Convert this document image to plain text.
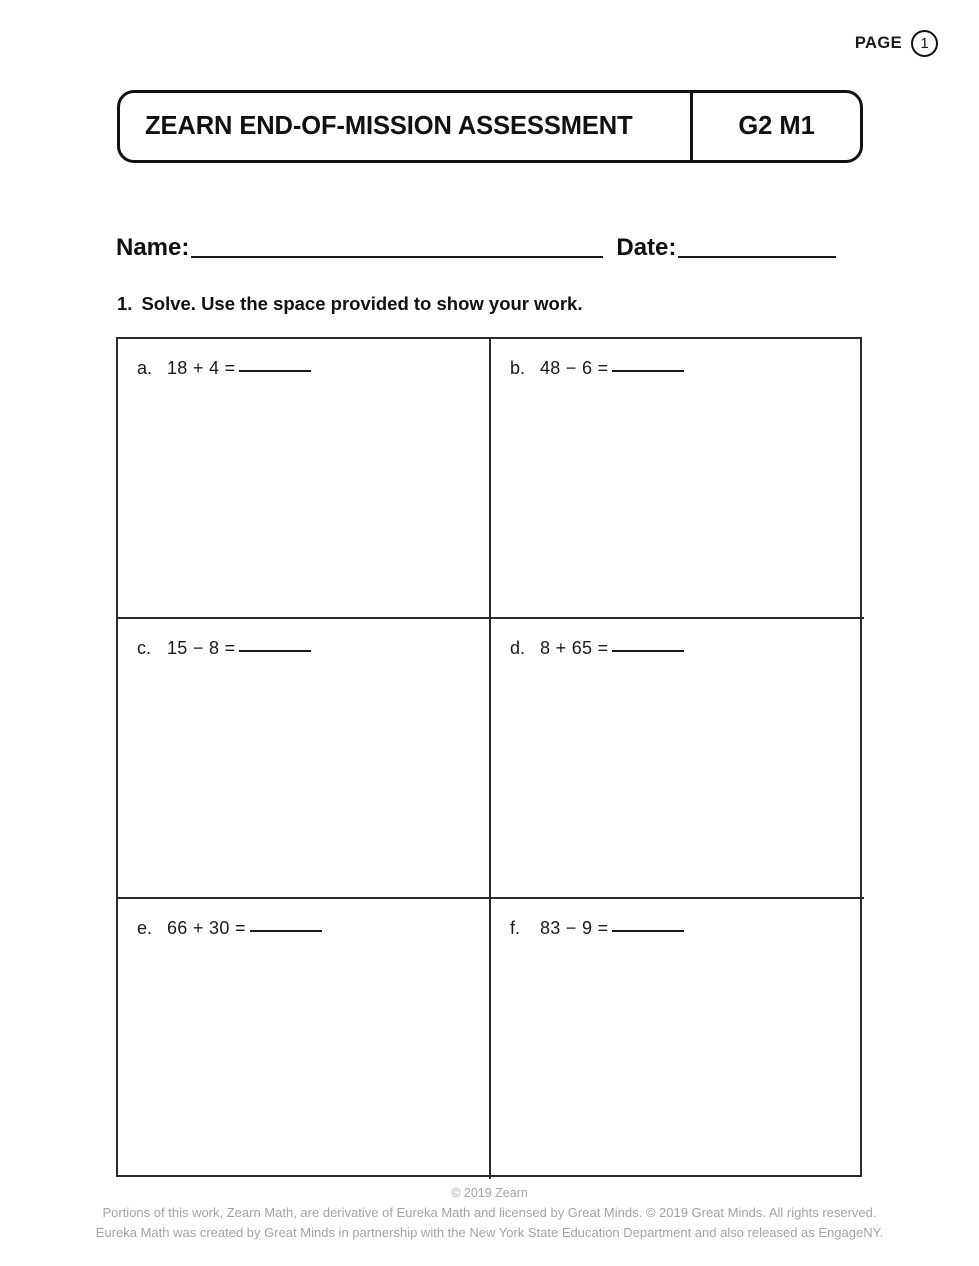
PAGE	1
ZEARN END-OF-MISSION ASSESSMENT	G2 M1
Name:	Date:
1. Solve. Use the space provided to show your work.
a. 18 + 4 =	b. 48 − 6 =
c. 15 − 8 =	d. 8 + 65 =
e. 66 + 30 =	f.	83 − 9 =
© 2019 Zearn
Portions of this work, Zearn Math, are derivative of Eureka Math and licensed by Great Minds. © 2019 Great Minds. All rights reserved.
Eureka Math was created by Great Minds in partnership with the New York State Education Department and also released as EngageNY.
